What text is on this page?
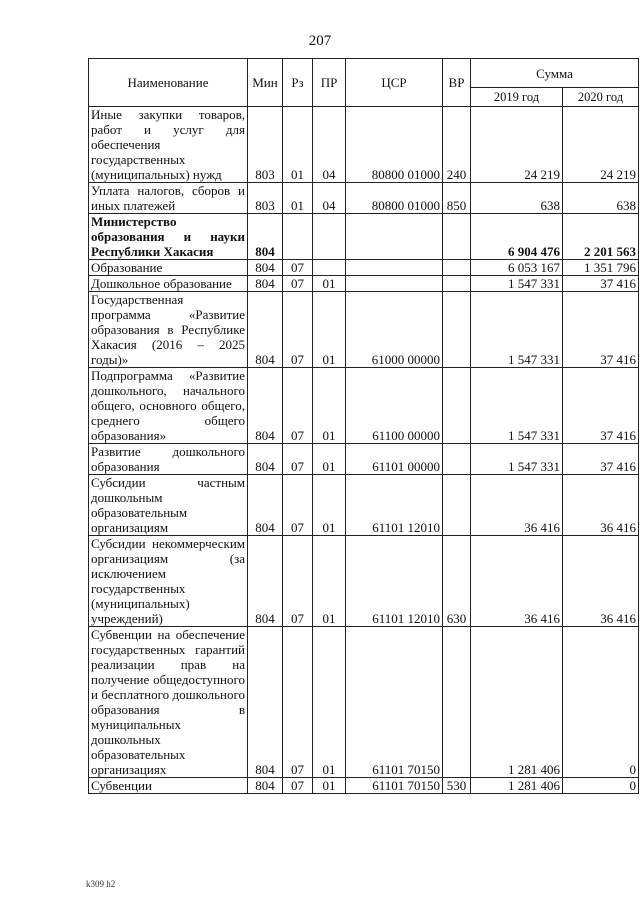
207
Наименование	Мин	Рз	ПР	ЦСР	ВР	Сумма	
						2019 год	2020 год
Иные закупки товаров, работ и услуг для обеспечения государственных (муниципальных) нужд	803	01	04	80800 01000	240	24 219	24 219
Уплата налогов, сборов и иных платежей	803	01	04	80800 01000	850	638	638
Министерство образования и науки Республики Хакасия	804					6 904 476	2 201 563
Образование	804	07				6 053 167	1 351 796
Дошкольное образование	804	07	01			1 547 331	37 416
Государственная программа «Развитие образования в Республике Хакасия (2016 – 2025 годы)»	804	07	01	61000 00000		1 547 331	37 416
Подпрограмма «Развитие дошкольного, начального общего, основного общего, среднего общего образования»	804	07	01	61100 00000		1 547 331	37 416
Развитие дошкольного образования	804	07	01	61101 00000		1 547 331	37 416
Субсидии частным дошкольным образовательным организациям	804	07	01	61101 12010		36 416	36 416
Субсидии некоммерческим организациям (за исключением государственных (муниципальных) учреждений)	804	07	01	61101 12010	630	36 416	36 416
Субвенции на обеспечение государственных гарантий реализации прав на получение общедоступного и бесплатного дошкольного образования в муниципальных дошкольных образовательных организациях	804	07	01	61101 70150		1 281 406	0
Субвенции	804	07	01	61101 70150	530	1 281 406	0
k309 h2
